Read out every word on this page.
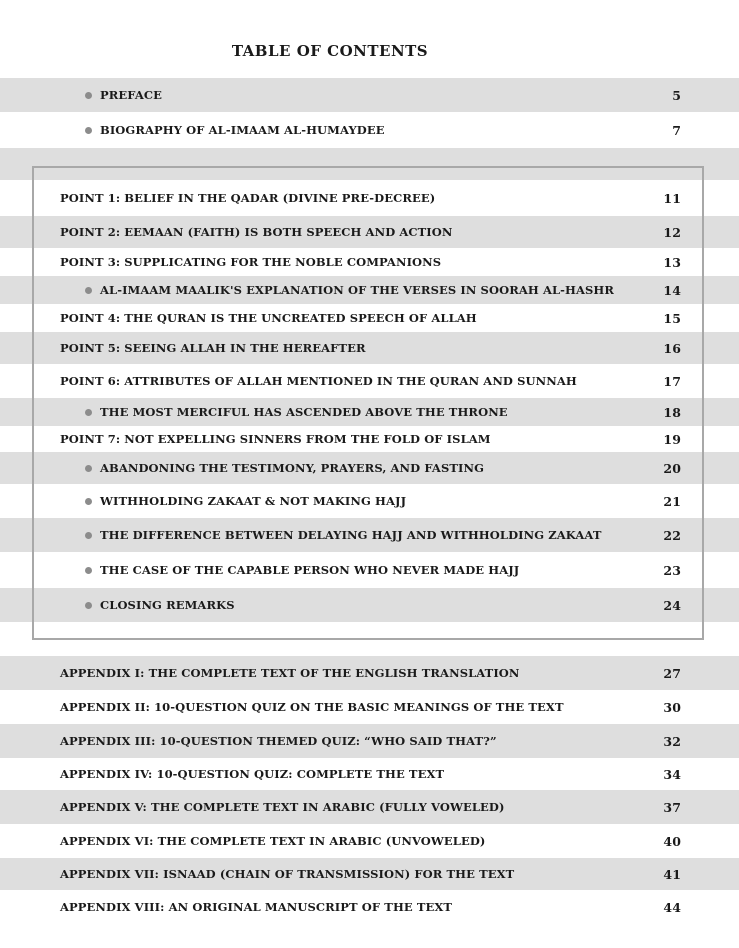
TABLE OF CONTENTS
PREFACE	5
BIOGRAPHY OF AL-IMAAM AL-HUMAYDEE	7
POINT 1: BELIEF IN THE QADAR (DIVINE PRE-DECREE)	11
POINT 2: EEMAAN (FAITH) IS BOTH SPEECH AND ACTION	12
POINT 3: SUPPLICATING FOR THE NOBLE COMPANIONS	13
AL-IMAAM MAALIK'S EXPLANATION OF THE VERSES IN SOORAH AL-HASHR	14
POINT 4: THE QURAN IS THE UNCREATED SPEECH OF ALLAH	15
POINT 5: SEEING ALLAH IN THE HEREAFTER	16
POINT 6: ATTRIBUTES OF ALLAH MENTIONED IN THE QURAN AND SUNNAH	17
THE MOST MERCIFUL HAS ASCENDED ABOVE THE THRONE	18
POINT 7: NOT EXPELLING SINNERS FROM THE FOLD OF ISLAM	19
ABANDONING THE TESTIMONY, PRAYERS, AND FASTING	20
WITHHOLDING ZAKAAT & NOT MAKING HAJJ	21
THE DIFFERENCE BETWEEN DELAYING HAJJ AND WITHHOLDING ZAKAAT	22
THE CASE OF THE CAPABLE PERSON WHO NEVER MADE HAJJ	23
CLOSING REMARKS	24
APPENDIX I: THE COMPLETE TEXT OF THE ENGLISH TRANSLATION	27
APPENDIX II: 10-QUESTION QUIZ ON THE BASIC MEANINGS OF THE TEXT	30
APPENDIX III: 10-QUESTION THEMED QUIZ: “WHO SAID THAT?”	32
APPENDIX IV: 10-QUESTION QUIZ: COMPLETE THE TEXT	34
APPENDIX V: THE COMPLETE TEXT IN ARABIC (FULLY VOWELED)	37
APPENDIX VI: THE COMPLETE TEXT IN ARABIC (UNVOWELED)	40
APPENDIX VII: ISNAAD (CHAIN OF TRANSMISSION) FOR THE TEXT	41
APPENDIX VIII: AN ORIGINAL MANUSCRIPT OF THE TEXT	44
